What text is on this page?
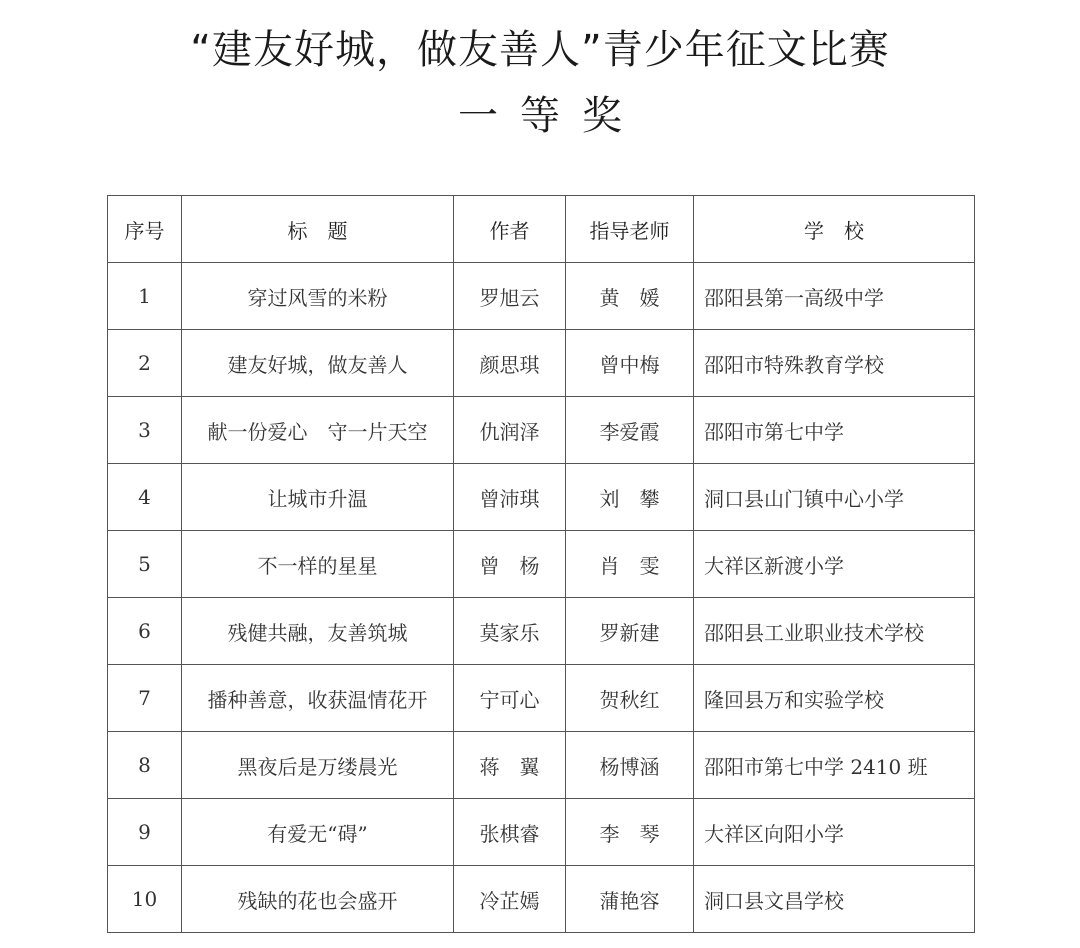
“建友好城，做友善人”青少年征文比赛
一等奖
序号	标　题	作者	指导老师	学　校
1	穿过风雪的米粉	罗旭云	黄　媛	邵阳县第一高级中学
2	建友好城，做友善人	颜思琪	曾中梅	邵阳市特殊教育学校
3	献一份爱心　守一片天空	仇润泽	李爱霞	邵阳市第七中学
4	让城市升温	曾沛琪	刘　攀	洞口县山门镇中心小学
5	不一样的星星	曾　杨	肖　雯	大祥区新渡小学
6	残健共融，友善筑城	莫家乐	罗新建	邵阳县工业职业技术学校
7	播种善意，收获温情花开	宁可心	贺秋红	隆回县万和实验学校
8	黑夜后是万缕晨光	蒋　翼	杨博涵	邵阳市第七中学 2410 班
9	有爱无“碍”	张棋睿	李　琴	大祥区向阳小学
10	残缺的花也会盛开	冷芷嫣	蒲艳容	洞口县文昌学校
